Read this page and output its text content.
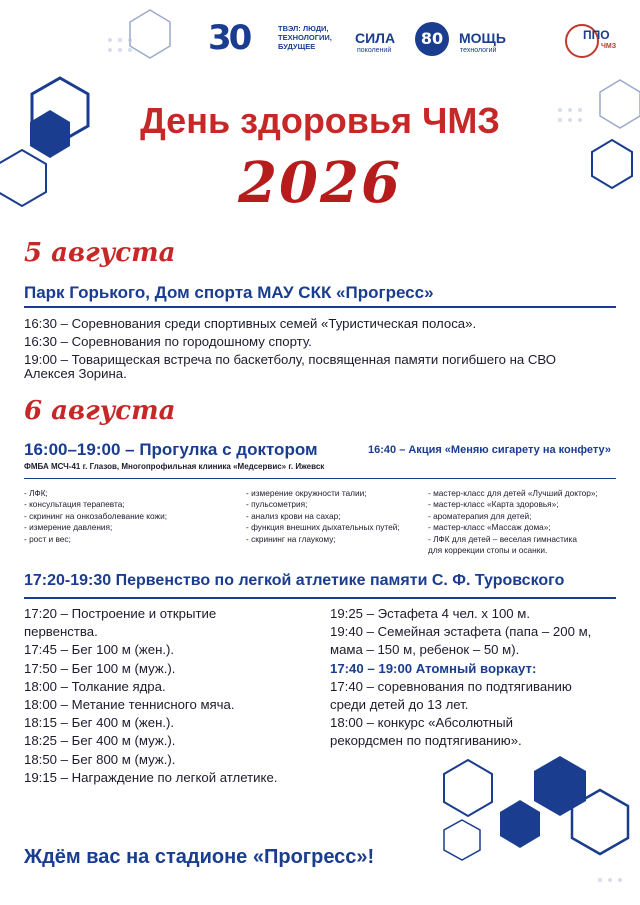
30	ТВЭЛ: ЛЮДИ,
ТЕХНОЛОГИИ,
БУДУЩЕЕ
СИЛА
поколений
80	МОЩЬ
технологий
ППО
ЧМЗ
День здоровья ЧМЗ
2026
5 августа
Парк Горького, Дом спорта МАУ СКК «Прогресс»
16:30 – Соревнования среди спортивных семей «Туристическая полоса».
16:30 – Соревнования по городошному спорту.
19:00 – Товарищеская встреча по баскетболу, посвященная памяти погибшего на СВО
Алексея Зорина.
6 августа
16:00–19:00 – Прогулка с доктором	16:40 – Акция «Меняю сигарету на конфету»
ФМБА МСЧ-41 г. Глазов, Многопрофильная клиника «Медсервис» г. Ижевск
- ЛФК;
- консультация терапевта;
- скрининг на онкозаболевание кожи;
- измерение давления;
- рост и вес;
- измерение окружности талии;
- пульсометрия;
- анализ крови на сахар;
- функция внешних дыхательных путей;
- скрининг на глаукому;
- мастер-класс для детей «Лучший доктор»;
- мастер-класс «Карта здоровья»;
- ароматерапия для детей;
- мастер-класс «Массаж дома»;
- ЛФК для детей – веселая гимнастика
для коррекции стопы и осанки.
17:20-19:30 Первенство по легкой атлетике памяти С. Ф. Туровского
17:20 – Построение и открытие
первенства.
17:45 – Бег 100 м (жен.).
17:50 – Бег 100 м (муж.).
18:00 – Толкание ядра.
18:00 – Метание теннисного мяча.
18:15 – Бег 400 м (жен.).
18:25 – Бег 400 м (муж.).
18:50 – Бег 800 м (муж.).
19:15 – Награждение по легкой атлетике.
19:25 – Эстафета 4 чел. х 100 м.
19:40 – Семейная эстафета (папа – 200 м,
мама – 150 м, ребенок – 50 м).
17:40 – 19:00 Атомный воркаут:
17:40 – соревнования по подтягиванию
среди детей до 13 лет.
18:00 – конкурс «Абсолютный
рекордсмен по подтягиванию».
Ждём вас на стадионе «Прогресс»!
